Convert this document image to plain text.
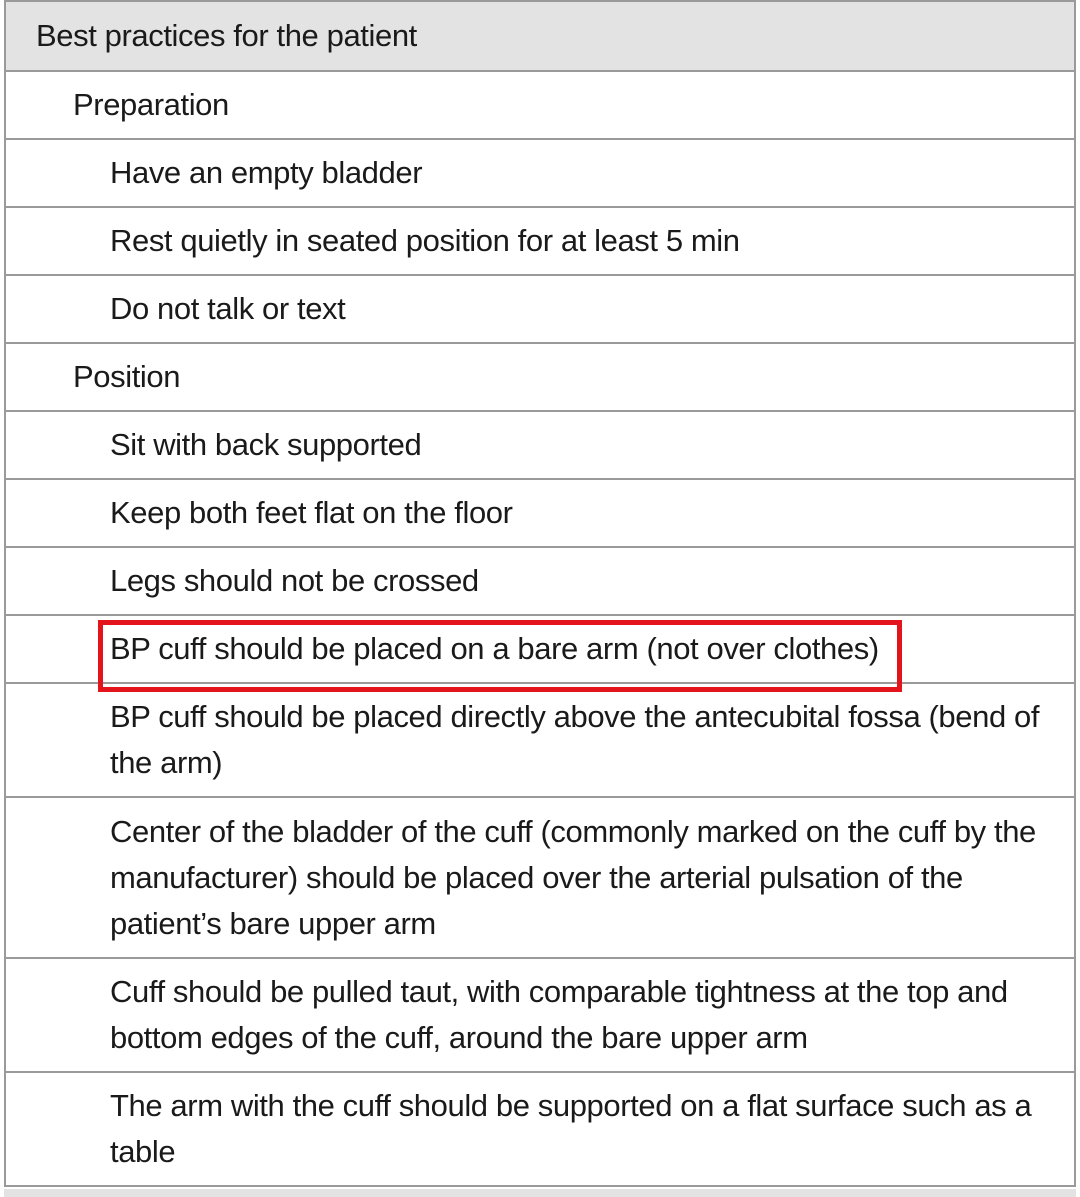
Best practices for the patient
Preparation
Have an empty bladder
Rest quietly in seated position for at least 5 min
Do not talk or text
Position
Sit with back supported
Keep both feet flat on the floor
Legs should not be crossed
BP cuff should be placed on a bare arm (not over clothes)
BP cuff should be placed directly above the antecubital fossa (bend of the arm)
Center of the bladder of the cuff (commonly marked on the cuff by the manufacturer) should be placed over the arterial pulsation of the patient’s bare upper arm
Cuff should be pulled taut, with comparable tightness at the top and bottom edges of the cuff, around the bare upper arm
The arm with the cuff should be supported on a flat surface such as a table
